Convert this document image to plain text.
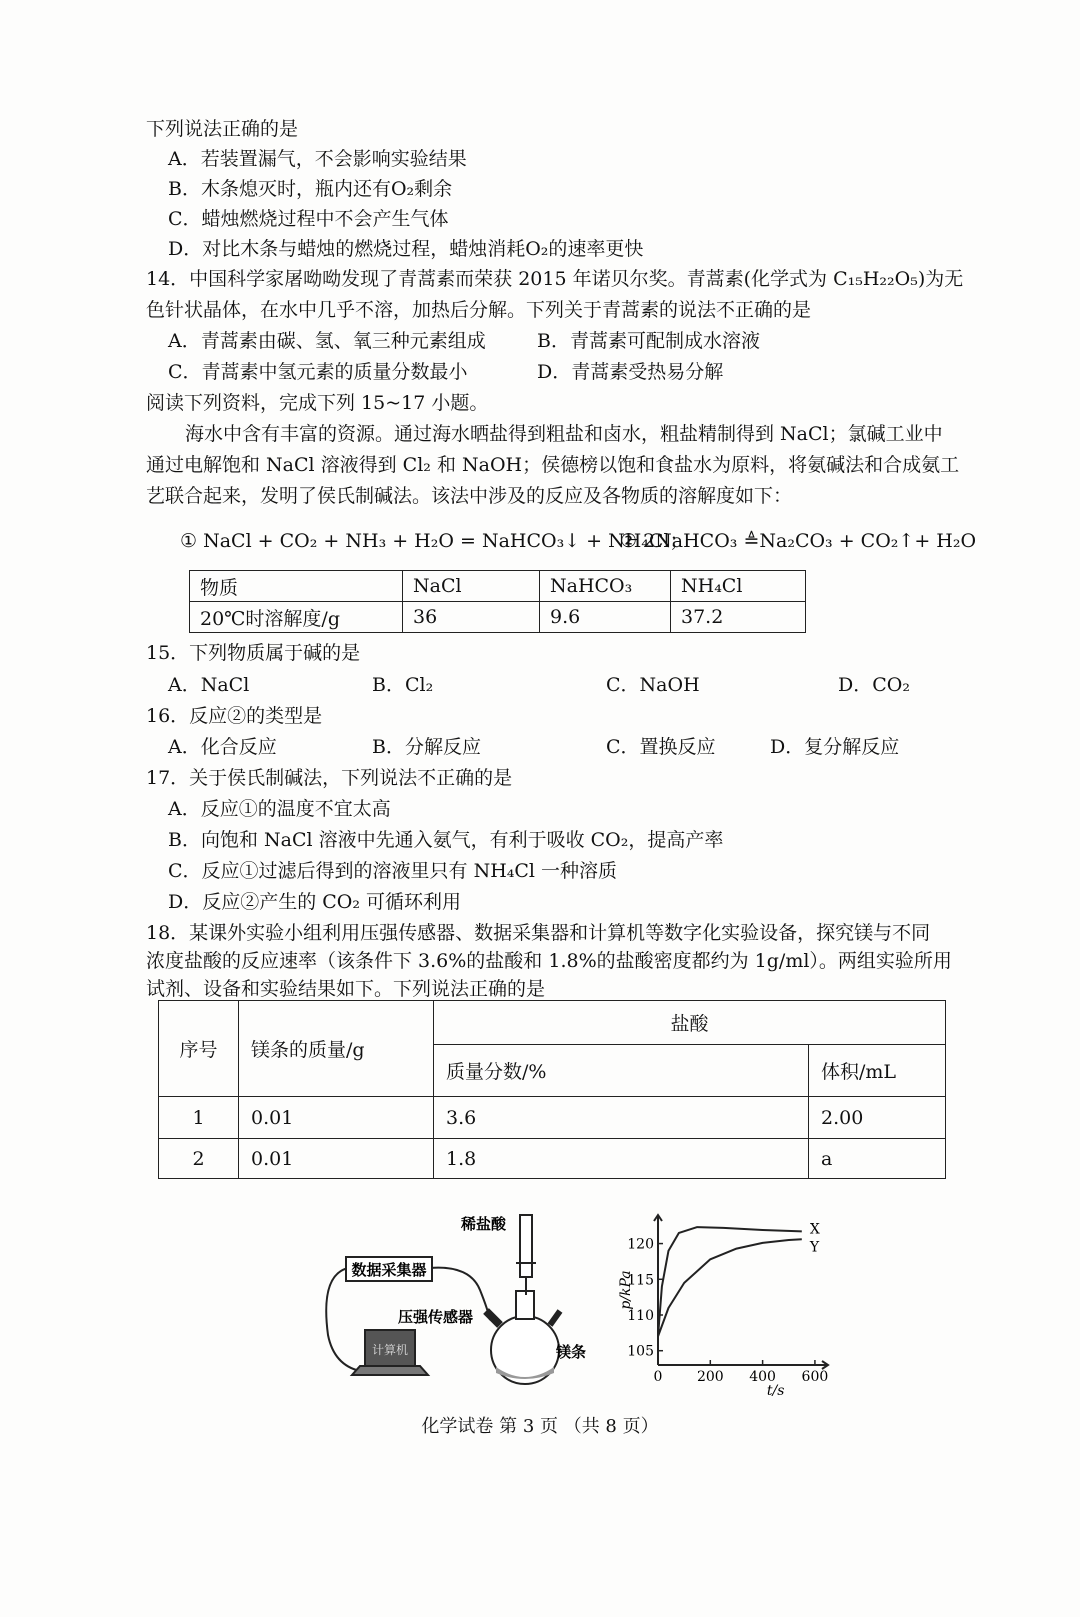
下列说法正确的是
A．若装置漏气，不会影响实验结果
B．木条熄灭时，瓶内还有O₂剩余
C．蜡烛燃烧过程中不会产生气体
D．对比木条与蜡烛的燃烧过程，蜡烛消耗O₂的速率更快
14．中国科学家屠呦呦发现了青蒿素而荣获 2015 年诺贝尔奖。青蒿素(化学式为 C₁₅H₂₂O₅)为无
色针状晶体，在水中几乎不溶，加热后分解。下列关于青蒿素的说法不正确的是
A．青蒿素由碳、氢、氧三种元素组成	B．青蒿素可配制成水溶液
C．青蒿素中氢元素的质量分数最小	D．青蒿素受热易分解
阅读下列资料，完成下列 15~17 小题。
海水中含有丰富的资源。通过海水晒盐得到粗盐和卤水，粗盐精制得到 NaCl；氯碱工业中
通过电解饱和 NaCl 溶液得到 Cl₂ 和 NaOH；侯德榜以饱和食盐水为原料，将氨碱法和合成氨工
艺联合起来，发明了侯氏制碱法。该法中涉及的反应及各物质的溶解度如下：
① NaCl + CO₂ + NH₃ + H₂O = NaHCO₃↓ + NH₄Cl；
② 2NaHCO₃ ≜Na₂CO₃ + CO₂↑+ H₂O
物质	NaCl	NaHCO₃	NH₄Cl
20℃时溶解度/g	36	9.6	37.2
15．下列物质属于碱的是
A．NaCl	B．Cl₂	C．NaOH	D．CO₂
16．反应②的类型是
A．化合反应	B．分解反应	C．置换反应	D．复分解反应
17．关于侯氏制碱法，下列说法不正确的是
A．反应①的温度不宜太高
B．向饱和 NaCl 溶液中先通入氨气，有利于吸收 CO₂，提高产率
C．反应①过滤后得到的溶液里只有 NH₄Cl 一种溶质
D．反应②产生的 CO₂ 可循环利用
18．某课外实验小组利用压强传感器、数据采集器和计算机等数字化实验设备，探究镁与不同
浓度盐酸的反应速率（该条件下 3.6%的盐酸和 1.8%的盐酸密度都约为 1g/ml）。两组实验所用
试剂、设备和实验结果如下。下列说法正确的是
序号	镁条的质量/g	盐酸	
		质量分数/%	体积/mL
1	0.01	3.6	2.00
2	0.01	1.8	a
数据采集器
计算机
稀盐酸
压强传感器
镁条
0 200 400 600
105
110
115
120
t/s
p/kPa
X
Y
化学试卷 第 3 页 （共 8 页）
